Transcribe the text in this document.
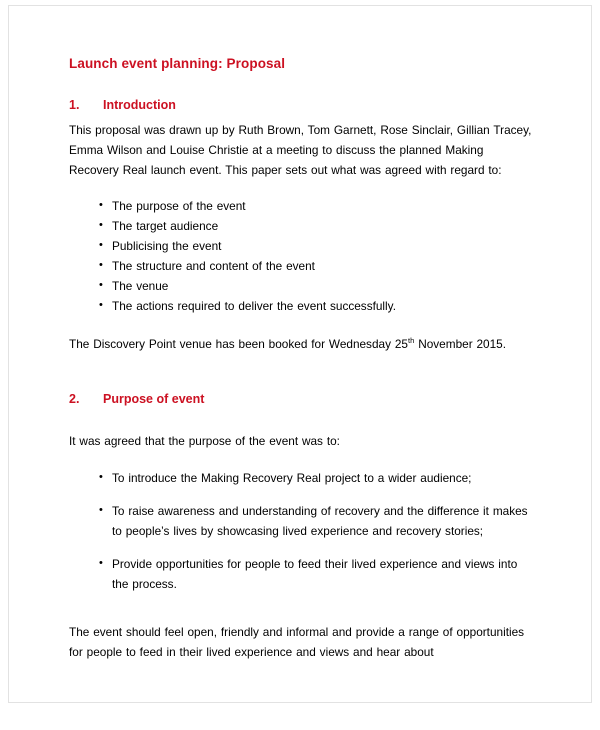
Launch event planning: Proposal
1.	Introduction

This proposal was drawn up by Ruth Brown, Tom Garnett, Rose Sinclair, Gillian Tracey, Emma Wilson and Louise Christie at a meeting to discuss the planned Making Recovery Real launch event. This paper sets out what was agreed with regard to:

• The purpose of the event
• The target audience
• Publicising the event
• The structure and content of the event
• The venue
• The actions required to deliver the event successfully.

The Discovery Point venue has been booked for Wednesday 25th November 2015.

2.	Purpose of event

It was agreed that the purpose of the event was to:

• To introduce the Making Recovery Real project to a wider audience;
• To raise awareness and understanding of recovery and the difference it makes to people’s lives by showcasing lived experience and recovery stories;
• Provide opportunities for people to feed their lived experience and views into the process.

The event should feel open, friendly and informal and provide a range of opportunities for people to feed in their lived experience and views and hear about
